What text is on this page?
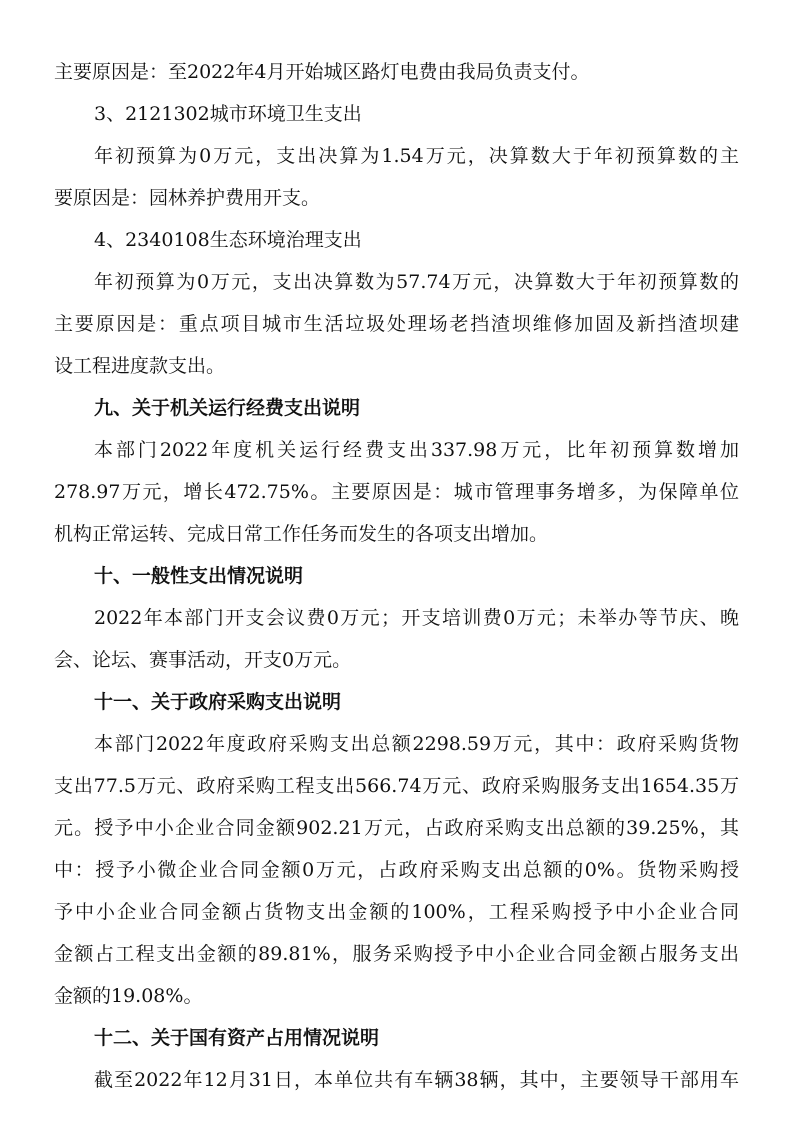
主要原因是：至2022年4月开始城区路灯电费由我局负责支付。
3、2121302城市环境卫生支出
年初预算为0万元，支出决算为1.54万元，决算数大于年初预算数的主
要原因是：园林养护费用开支。
4、2340108生态环境治理支出
年初预算为0万元，支出决算数为57.74万元，决算数大于年初预算数的
主要原因是：重点项目城市生活垃圾处理场老挡渣坝维修加固及新挡渣坝建
设工程进度款支出。
九、关于机关运行经费支出说明
本部门2022年度机关运行经费支出337.98万元，比年初预算数增加
278.97万元，增长472.75%。主要原因是：城市管理事务增多，为保障单位
机构正常运转、完成日常工作任务而发生的各项支出增加。
十、一般性支出情况说明
2022年本部门开支会议费0万元；开支培训费0万元；未举办等节庆、晚
会、论坛、赛事活动，开支0万元。
十一、关于政府采购支出说明
本部门2022年度政府采购支出总额2298.59万元，其中：政府采购货物
支出77.5万元、政府采购工程支出566.74万元、政府采购服务支出1654.35万
元。授予中小企业合同金额902.21万元，占政府采购支出总额的39.25%，其
中：授予小微企业合同金额0万元，占政府采购支出总额的0%。货物采购授
予中小企业合同金额占货物支出金额的100%，工程采购授予中小企业合同
金额占工程支出金额的89.81%，服务采购授予中小企业合同金额占服务支出
金额的19.08%。
十二、关于国有资产占用情况说明
截至2022年12月31日，本单位共有车辆38辆，其中，主要领导干部用车
